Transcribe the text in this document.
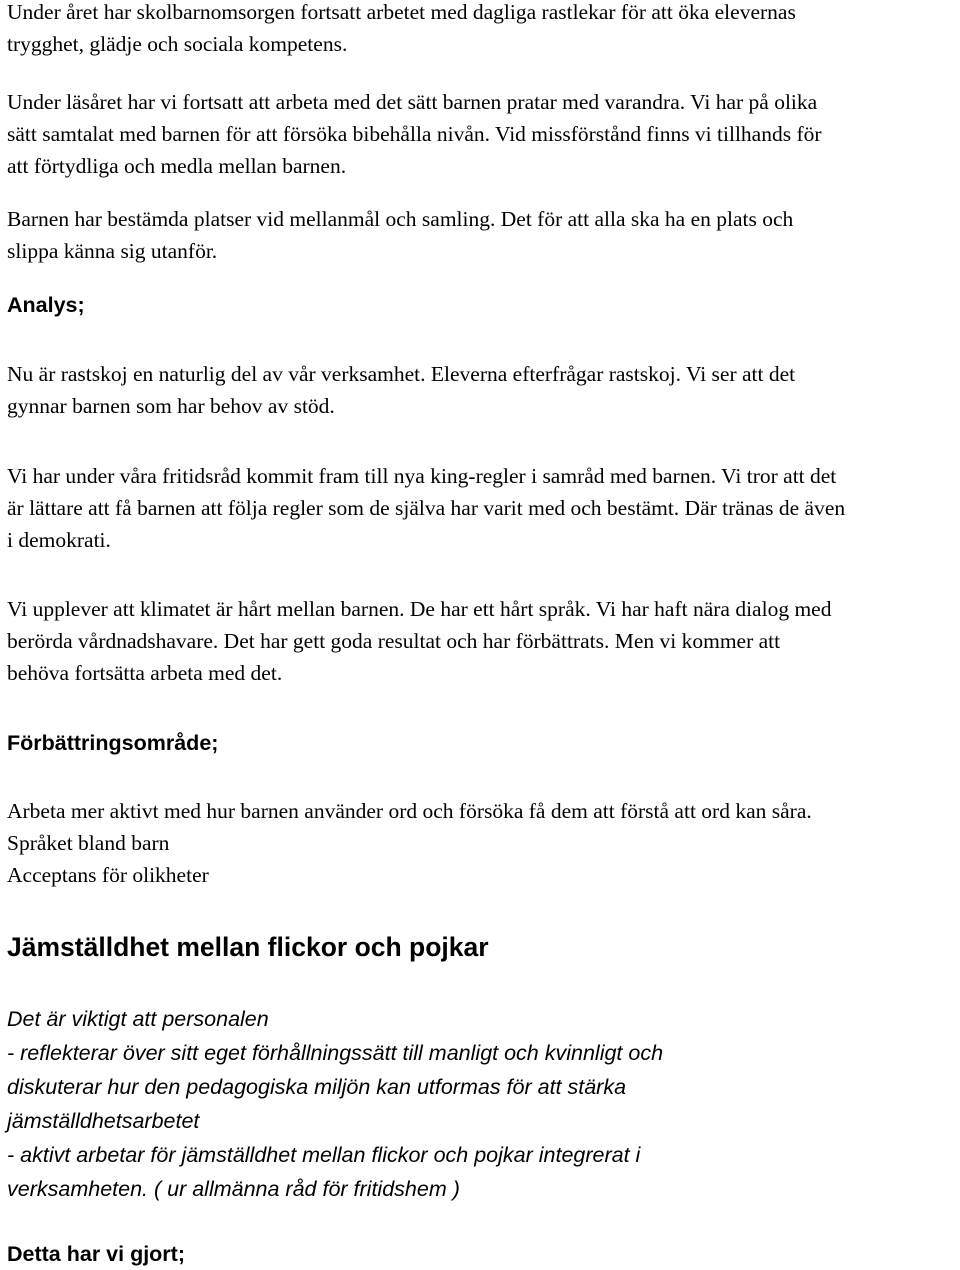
Under året har skolbarnomsorgen fortsatt arbetet med dagliga rastlekar för att öka elevernas
trygghet, glädje och sociala kompetens.
Under läsåret har vi fortsatt att arbeta med det sätt barnen pratar med varandra. Vi har på olika
sätt samtalat med barnen för att försöka bibehålla nivån. Vid missförstånd finns vi tillhands för
att förtydliga och medla mellan barnen.
Barnen har bestämda platser vid mellanmål och samling. Det för att alla ska ha en plats och
slippa känna sig utanför.
Analys;
Nu är rastskoj en naturlig del av vår verksamhet. Eleverna efterfrågar rastskoj. Vi ser att det
gynnar barnen som har behov av stöd.
Vi har under våra fritidsråd kommit fram till nya king-regler i samråd med barnen. Vi tror att det
är lättare att få barnen att följa regler som de själva har varit med och bestämt. Där tränas de även
i demokrati.
Vi upplever att klimatet är hårt mellan barnen. De har ett hårt språk. Vi har haft nära dialog med
berörda vårdnadshavare. Det har gett goda resultat och har förbättrats. Men vi kommer att
behöva fortsätta arbeta med det.
Förbättringsområde;
Arbeta mer aktivt med hur barnen använder ord och försöka få dem att förstå att ord kan såra.
Språket bland barn
Acceptans för olikheter
Jämställdhet mellan flickor och pojkar
Det är viktigt att personalen
- reflekterar över sitt eget förhållningssätt till manligt och kvinnligt och
diskuterar hur den pedagogiska miljön kan utformas för att stärka
jämställdhetsarbetet
- aktivt arbetar för jämställdhet mellan flickor och pojkar integrerat i
verksamheten. ( ur allmänna råd för fritidshem )
Detta har vi gjort;
